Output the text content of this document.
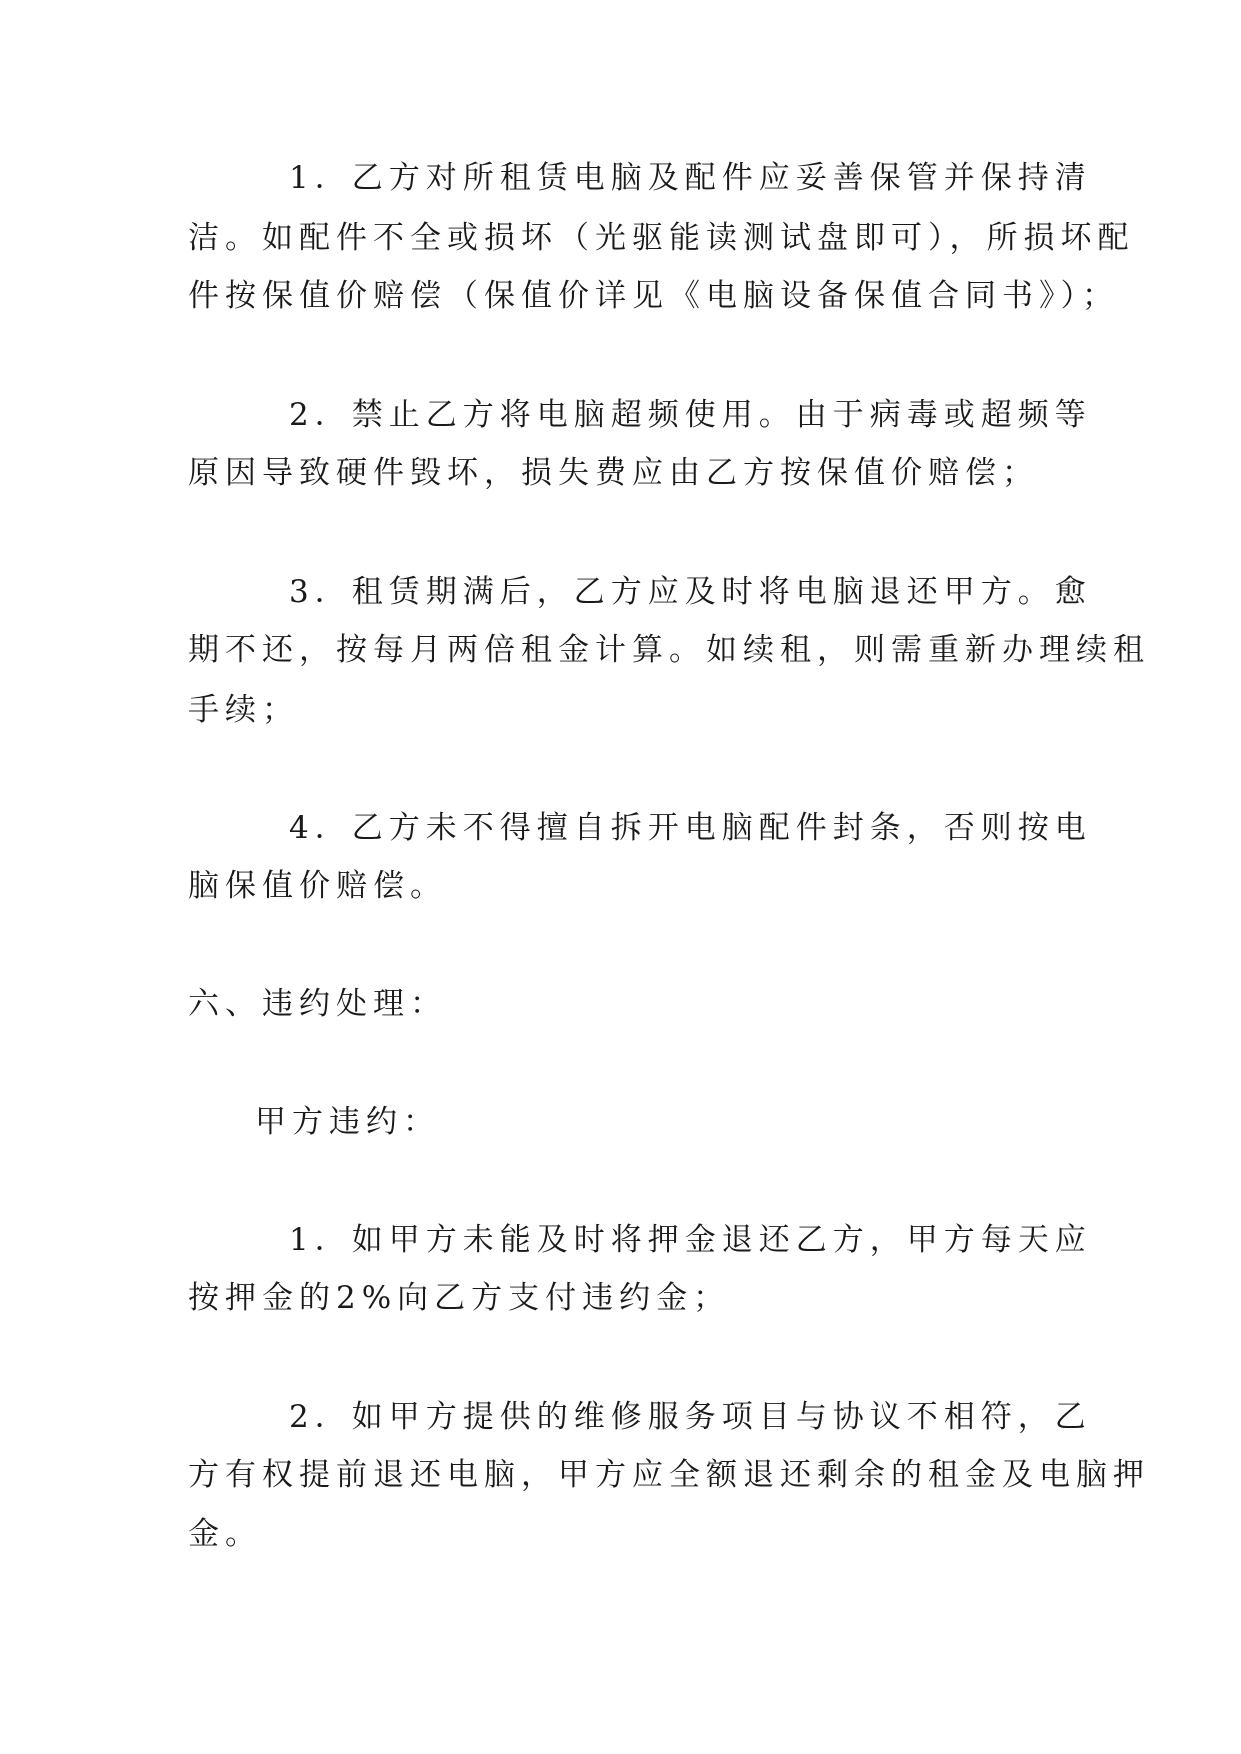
1．乙方对所租赁电脑及配件应妥善保管并保持清
洁。如配件不全或损坏（光驱能读测试盘即可），所损坏配
件按保值价赔偿（保值价详见《电脑设备保值合同书》）；
2．禁止乙方将电脑超频使用。由于病毒或超频等
原因导致硬件毁坏，损失费应由乙方按保值价赔偿；
3．租赁期满后，乙方应及时将电脑退还甲方。愈
期不还，按每月两倍租金计算。如续租，则需重新办理续租
手续；
4．乙方未不得擅自拆开电脑配件封条，否则按电
脑保值价赔偿。
六、违约处理：
甲方违约：
1．如甲方未能及时将押金退还乙方，甲方每天应
按押金的2%向乙方支付违约金；
2．如甲方提供的维修服务项目与协议不相符，乙
方有权提前退还电脑，甲方应全额退还剩余的租金及电脑押
金。
